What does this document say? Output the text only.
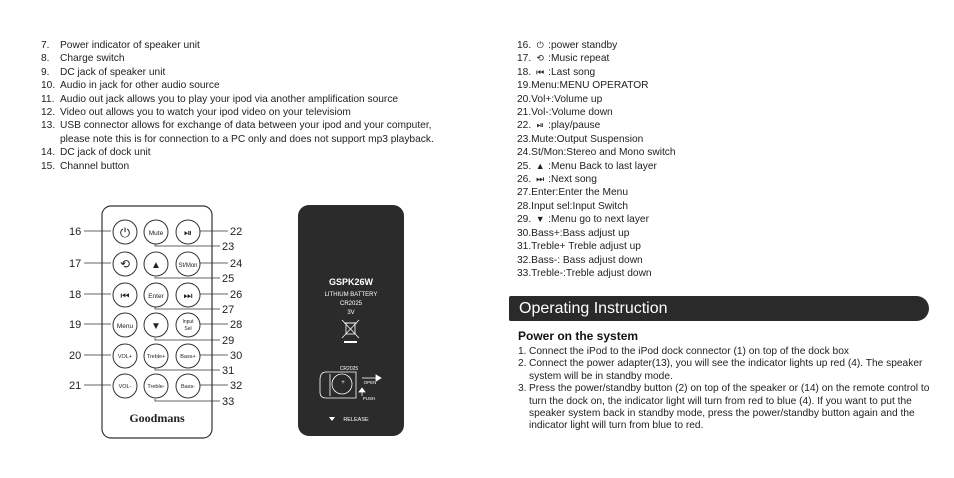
7.	Power indicator of speaker unit
8.	Charge switch
9.	DC jack of speaker unit
10. Audio in jack for other audio source
11. Audio out jack allows you to play your ipod via another amplification source
12. Video out allows you to watch your ipod video on your televisiom
13. USB connector allows for exchange of data between your ipod and your computer, please note this is for connection to a PC only and does not support mp3 playback.
14. DC jack of dock unit
15. Channel button
16. ⏻ :power standby
17. ⟲ :Music repeat
18. ⏮ :Last song
19.Menu:MENU OPERATOR
20.Vol+:Volume up
21.Vol-:Volume down
22. ⏯ :play/pause
23.Mute:Output Suspension
24.St/Mon:Stereo and Mono switch
25. ▲ :Menu Back to last layer
26. ⏭ :Next song
27.Enter:Enter the Menu
28.Input sel:Input Switch
29. ▼ :Menu go to next layer
30.Bass+:Bass adjust up
31.Treble+ Treble adjust up
32.Bass-: Bass adjust down
33.Treble-:Treble adjust down
Operating Instruction
Power on the system
1. Connect the iPod to the iPod dock connector (1) on top of the dock box
2. Connect the power adapter(13), you will see the indicator lights up red (4). The speaker system will be in standby mode.
3. Press the power/standby button (2) on top of the speaker or (14) on the remote control to turn the dock on, the indicator light will turn from red to blue (4). If you want to put the speaker system back in standby mode, press the power/standby button again and the indicator light will turn from blue to red.
⏻	Mute ⏯
⟲ ▲	St/Mon
⏮	Enter ⏭
Menu ▼	Input
Sel
VOL+	Treble+	Bass+
VOL-	Treble-	Bass-
Goodmans
16
17
18
19
20
21
22
23
24
25
26
27
28
29
30
31
32
33
GSPK26W
LITHIUM BATTERY
CR2025
3V
CR2025
OPEN
PUSH
RELEASE
+
